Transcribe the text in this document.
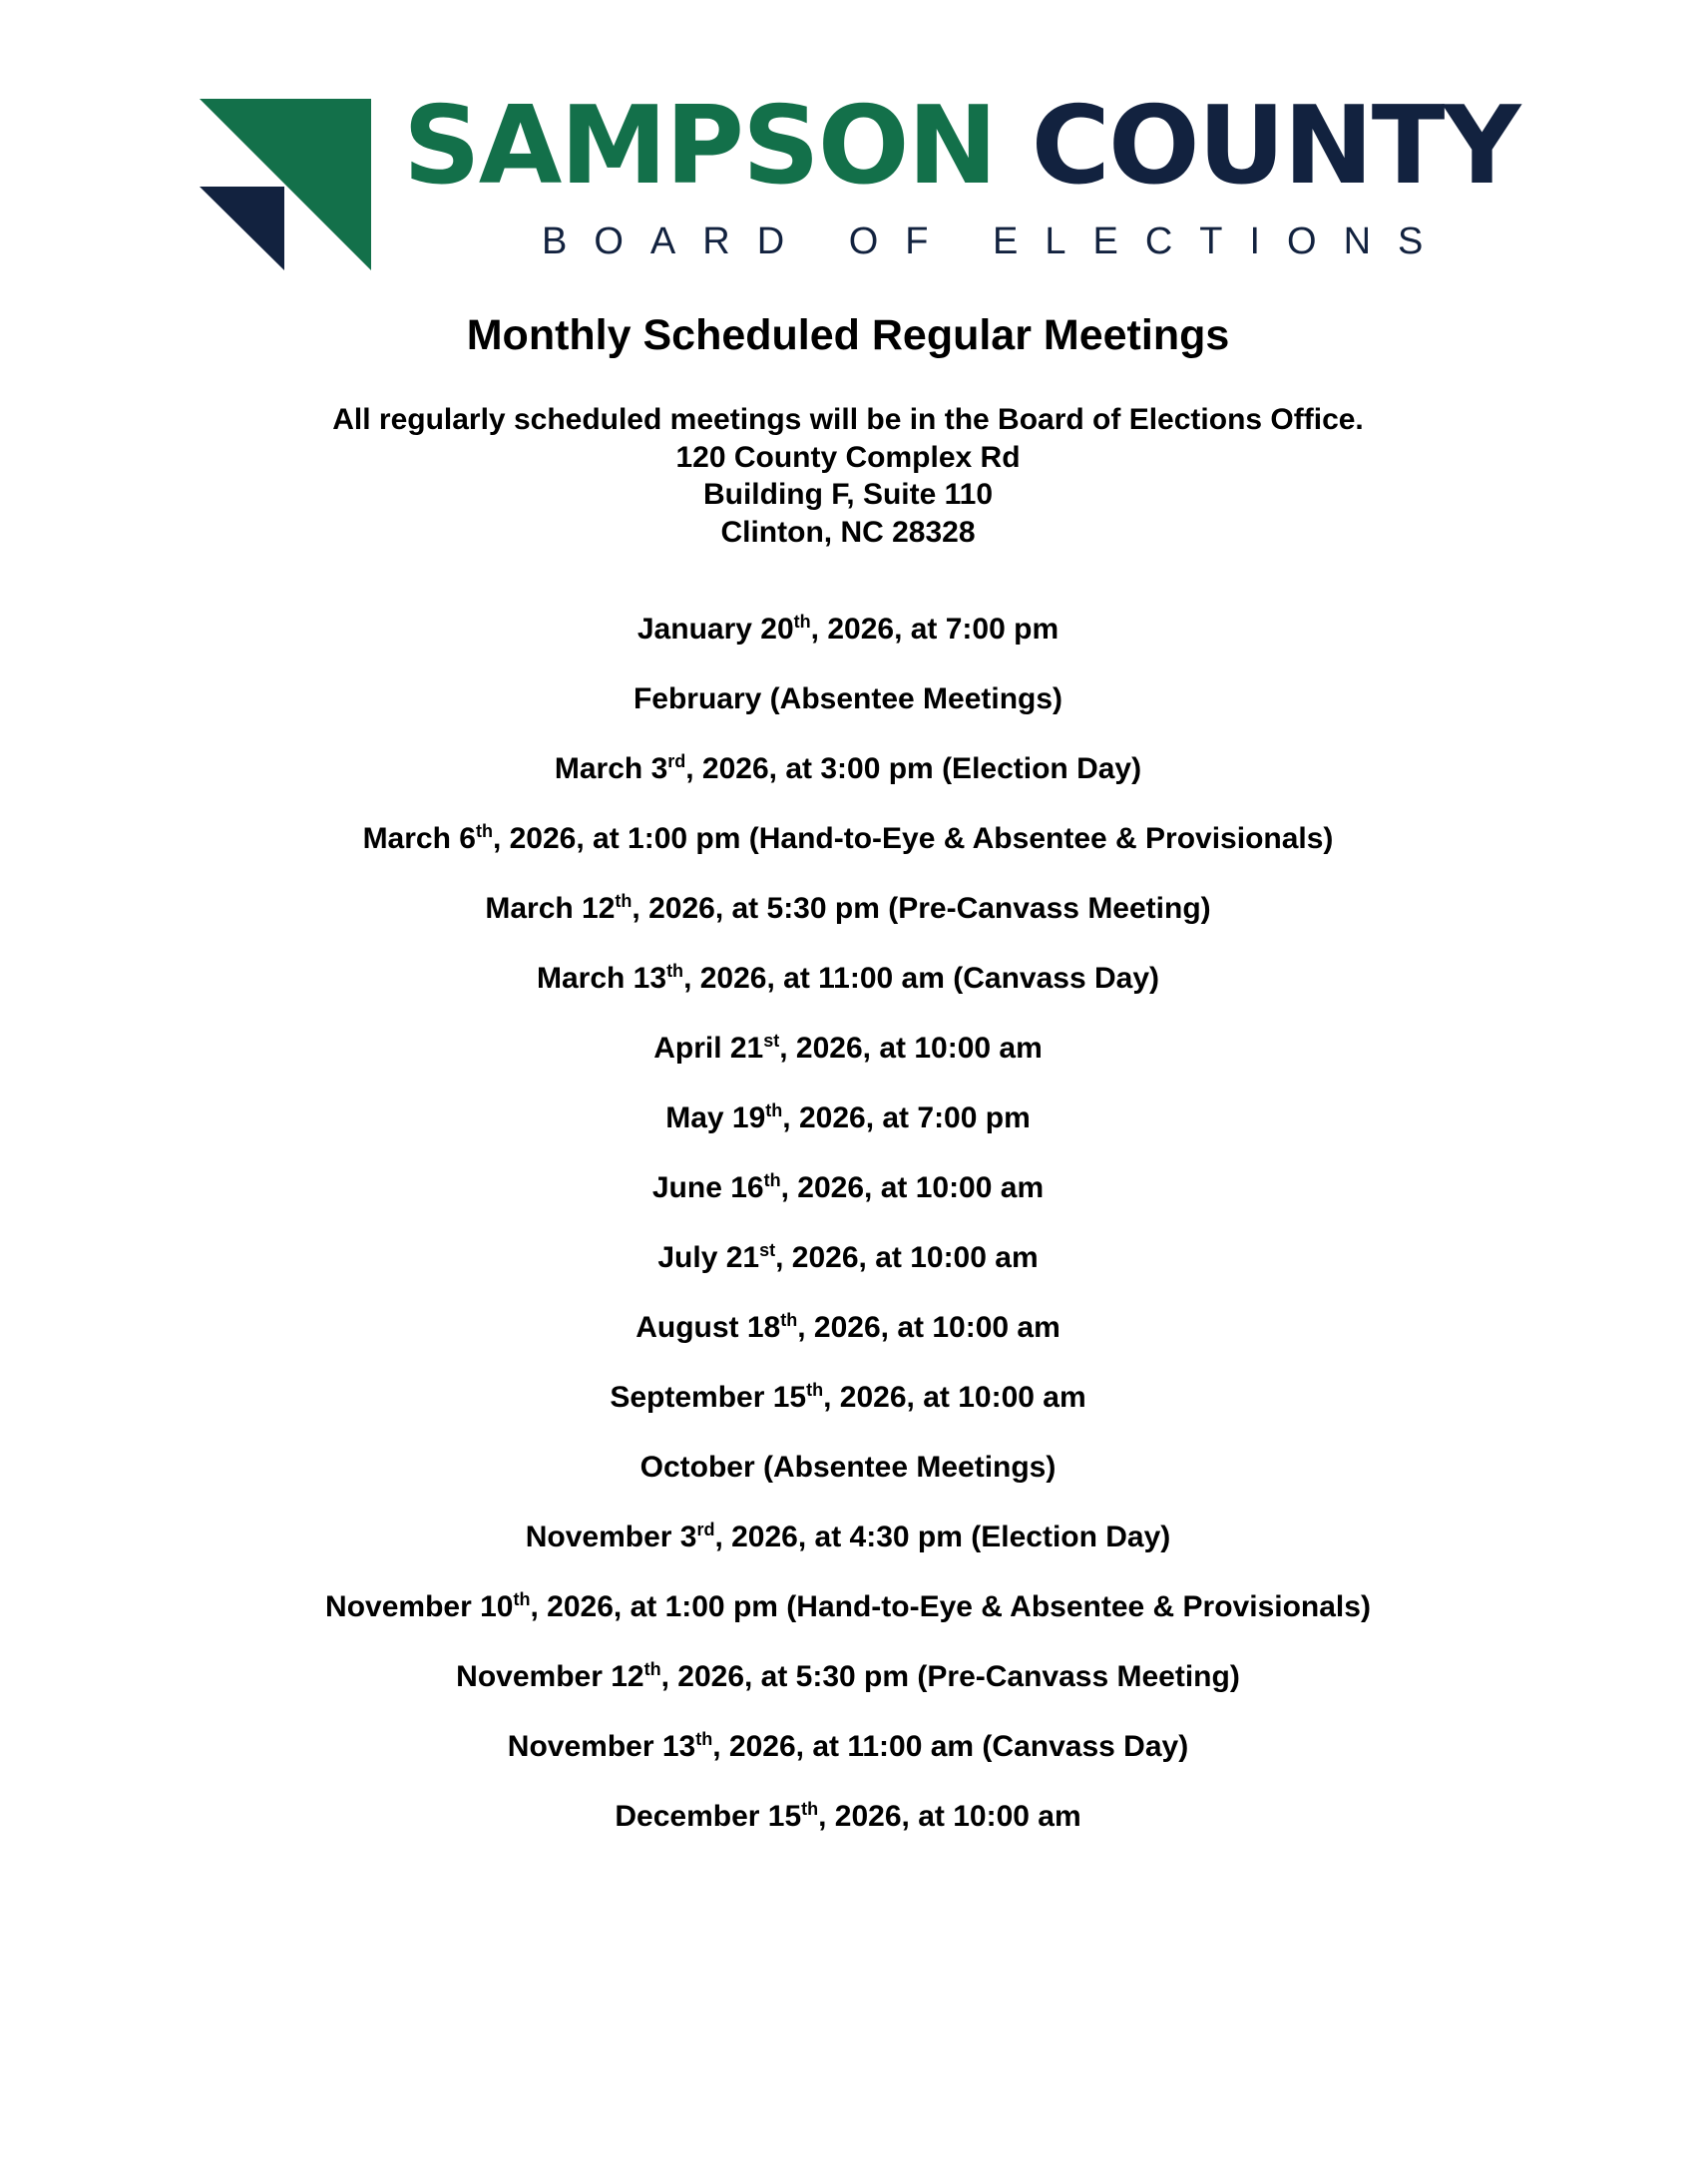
SAMPSON COUNTY
BOARD OF ELECTIONS
Monthly Scheduled Regular Meetings
All regularly scheduled meetings will be in the Board of Elections Office.
120 County Complex Rd
Building F, Suite 110
Clinton, NC 28328
January 20th, 2026, at 7:00 pm
February (Absentee Meetings)
March 3rd, 2026, at 3:00 pm (Election Day)
March 6th, 2026, at 1:00 pm (Hand-to-Eye & Absentee & Provisionals)
March 12th, 2026, at 5:30 pm (Pre-Canvass Meeting)
March 13th, 2026, at 11:00 am (Canvass Day)
April 21st, 2026, at 10:00 am
May 19th, 2026, at 7:00 pm
June 16th, 2026, at 10:00 am
July 21st, 2026, at 10:00 am
August 18th, 2026, at 10:00 am
September 15th, 2026, at 10:00 am
October (Absentee Meetings)
November 3rd, 2026, at 4:30 pm (Election Day)
November 10th, 2026, at 1:00 pm (Hand-to-Eye & Absentee & Provisionals)
November 12th, 2026, at 5:30 pm (Pre-Canvass Meeting)
November 13th, 2026, at 11:00 am (Canvass Day)
December 15th, 2026, at 10:00 am
